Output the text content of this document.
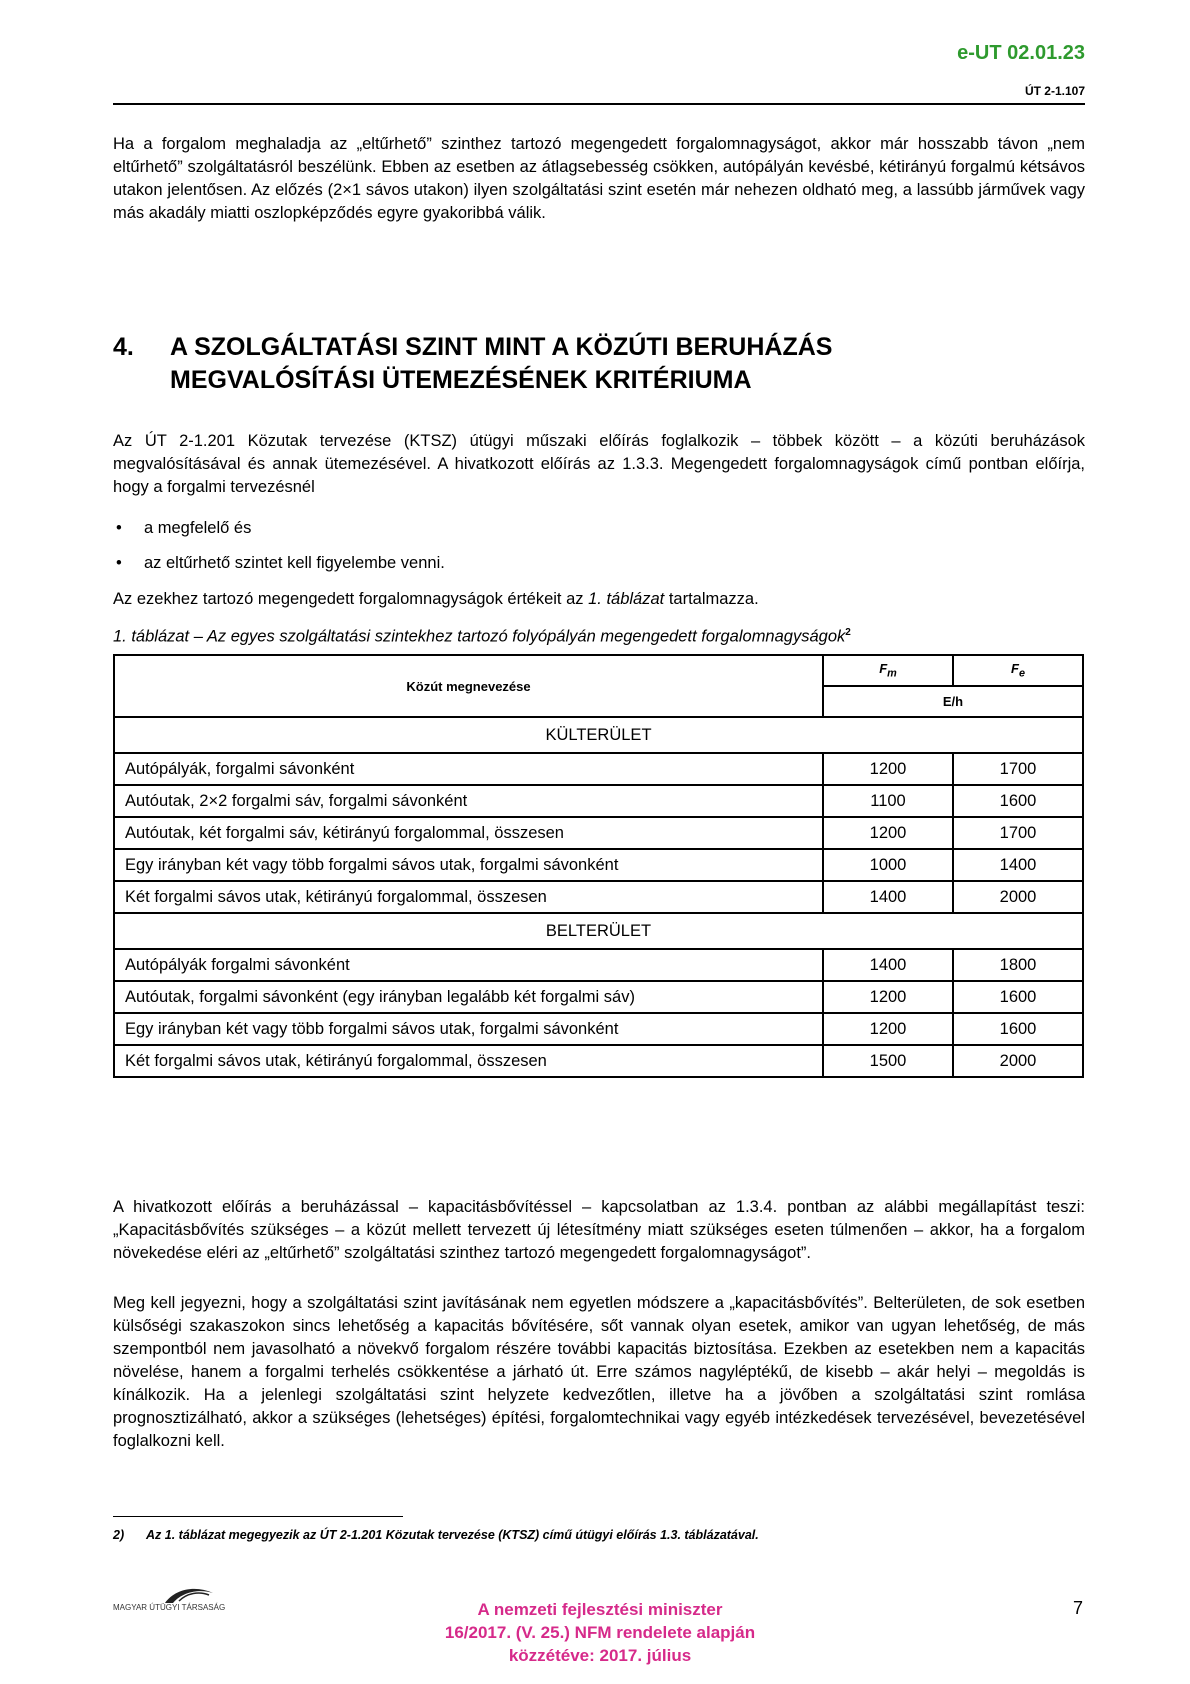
e-UT 02.01.23
ÚT 2-1.107

Ha a forgalom meghaladja az „eltűrhető” szinthez tartozó megengedett forgalomnagyságot, akkor már hosszabb távon „nem eltűrhető” szolgáltatásról beszélünk. Ebben az esetben az átlagsebesség csökken, autópályán kevésbé, kétirányú forgalmú kétsávos utakon jelentősen. Az előzés (2×1 sávos utakon) ilyen szolgáltatási szint esetén már nehezen oldható meg, a lassúbb járművek vagy más akadály miatti oszlopképződés egyre gyakoribbá válik.

4.	A SZOLGÁLTATÁSI SZINT MINT A KÖZÚTI BERUHÁZÁS
MEGVALÓSÍTÁSI ÜTEMEZÉSÉNEK KRITÉRIUMA

Az ÚT 2-1.201 Közutak tervezése (KTSZ) útügyi műszaki előírás foglalkozik – többek között – a közúti beruházások megvalósításával és annak ütemezésével. A hivatkozott előírás az 1.3.3. Megengedett forgalomnagyságok című pontban előírja, hogy a forgalmi tervezésnél

• a megfelelő és
• az eltűrhető szintet kell figyelembe venni.

Az ezekhez tartozó megengedett forgalomnagyságok értékeit az 1. táblázat tartalmazza.

1. táblázat – Az egyes szolgáltatási szintekhez tartozó folyópályán megengedett forgalomnagyságok$^2$
Közút megnevezése	$F_m$	$F_e$
	E/h	
KÜLTERÜLET		
Autópályák, forgalmi sávonként	1200	1700
Autóutak, 2×2 forgalmi sáv, forgalmi sávonként	1100	1600
Autóutak, két forgalmi sáv, kétirányú forgalommal, összesen	1200	1700
Egy irányban két vagy több forgalmi sávos utak, forgalmi sávonként	1000	1400
Két forgalmi sávos utak, kétirányú forgalommal, összesen	1400	2000
BELTERÜLET		
Autópályák forgalmi sávonként	1400	1800
Autóutak, forgalmi sávonként (egy irányban legalább két forgalmi sáv)	1200	1600
Egy irányban két vagy több forgalmi sávos utak, forgalmi sávonként	1200	1600
Két forgalmi sávos utak, kétirányú forgalommal, összesen	1500	2000

A hivatkozott előírás a beruházással – kapacitásbővítéssel – kapcsolatban az 1.3.4. pontban az alábbi megállapítást teszi: „Kapacitásbővítés szükséges – a közút mellett tervezett új létesítmény miatt szükséges eseten túlmenően – akkor, ha a forgalom növekedése eléri az „eltűrhető” szolgáltatási szinthez tartozó megengedett forgalomnagyságot”.

Meg kell jegyezni, hogy a szolgáltatási szint javításának nem egyetlen módszere a „kapacitásbővítés”. Belterületen, de sok esetben külsőségi szakaszokon sincs lehetőség a kapacitás bővítésére, sőt vannak olyan esetek, amikor van ugyan lehetőség, de más szempontból nem javasolható a növekvő forgalom részére további kapacitás biztosítása. Ezekben az esetekben nem a kapacitás növelése, hanem a forgalmi terhelés csökkentése a járható út. Erre számos nagyléptékű, de kisebb – akár helyi – megoldás is kínálkozik. Ha a jelenlegi szolgáltatási szint helyzete kedvezőtlen, illetve ha a jövőben a szolgáltatási szint romlása prognosztizálható, akkor a szükséges (lehetséges) építési, forgalomtechnikai vagy egyéb intézkedések tervezésével, bevezetésével foglalkozni kell.

2) Az 1. táblázat megegyezik az ÚT 2-1.201 Közutak tervezése (KTSZ) című útügyi előírás 1.3. táblázatával.
MAGYAR ÚTÜGYI TÁRSASÁG	A nemzeti fejlesztési miniszter
16/2017. (V. 25.) NFM rendelete alapján
közzétéve: 2017. július
7
